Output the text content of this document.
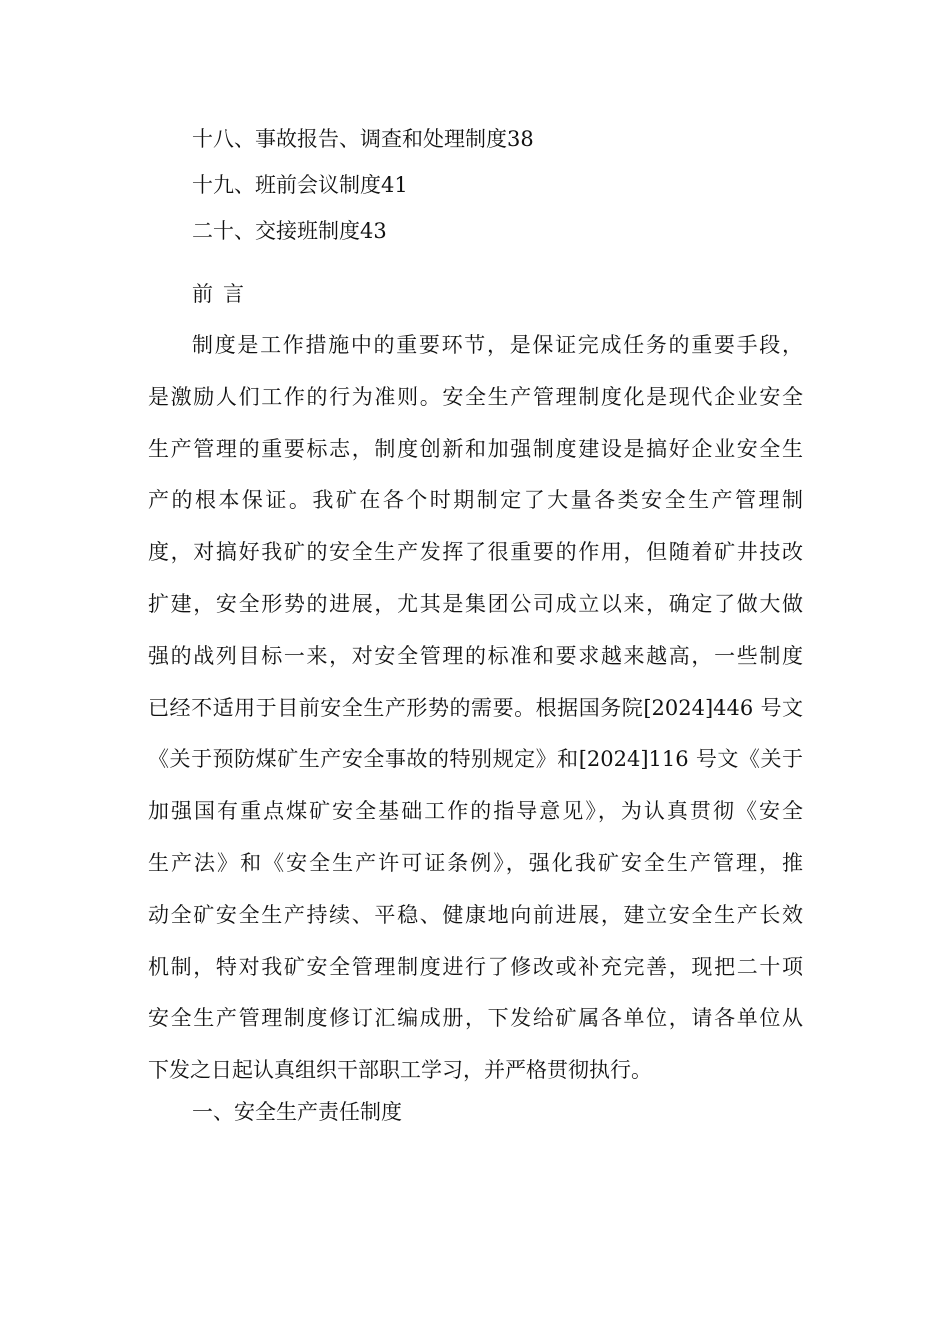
十八、事故报告、调查和处理制度38
十九、班前会议制度41
二十、交接班制度43
前 言
制度是工作措施中的重要环节，是保证完成任务的重要手段，
是激励人们工作的行为准则。安全生产管理制度化是现代企业安全
生产管理的重要标志，制度创新和加强制度建设是搞好企业安全生
产的根本保证。我矿在各个时期制定了大量各类安全生产管理制
度，对搞好我矿的安全生产发挥了很重要的作用，但随着矿井技改
扩建，安全形势的进展，尤其是集团公司成立以来，确定了做大做
强的战列目标一来，对安全管理的标准和要求越来越高，一些制度
已经不适用于目前安全生产形势的需要。根据国务院[2024]446 号文
《关于预防煤矿生产安全事故的特别规定》和[2024]116 号文《关于
加强国有重点煤矿安全基础工作的指导意见》，为认真贯彻《安全
生产法》和《安全生产许可证条例》，强化我矿安全生产管理，推
动全矿安全生产持续、平稳、健康地向前进展，建立安全生产长效
机制，特对我矿安全管理制度进行了修改或补充完善，现把二十项
安全生产管理制度修订汇编成册，下发给矿属各单位，请各单位从
下发之日起认真组织干部职工学习，并严格贯彻执行。
一、安全生产责任制度
